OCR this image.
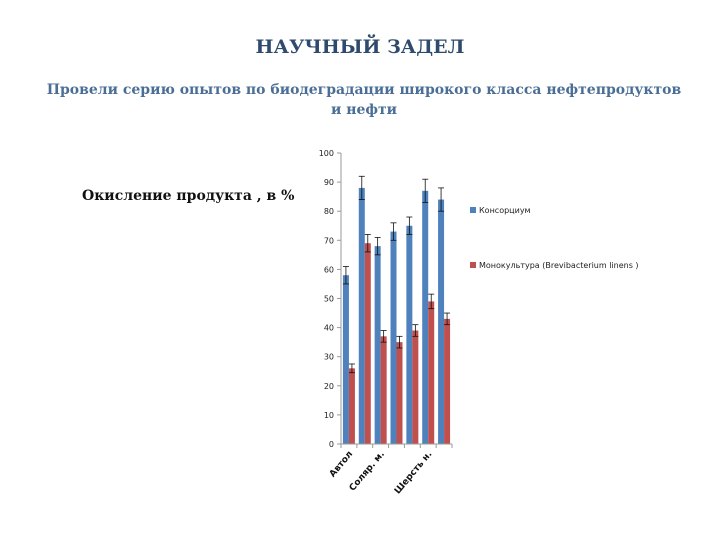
НАУЧНЫЙ ЗАДЕЛ

Провели серию опытов по биодеградации широкого класса нефтепродуктов и нефти

Окисление продукта , в %
0
10
20
30
40
50
60
70
80
90
100
Автол
Соляр. м. Шерсть н.
Консорциум
Монокультура (Brevibacterium linens )
